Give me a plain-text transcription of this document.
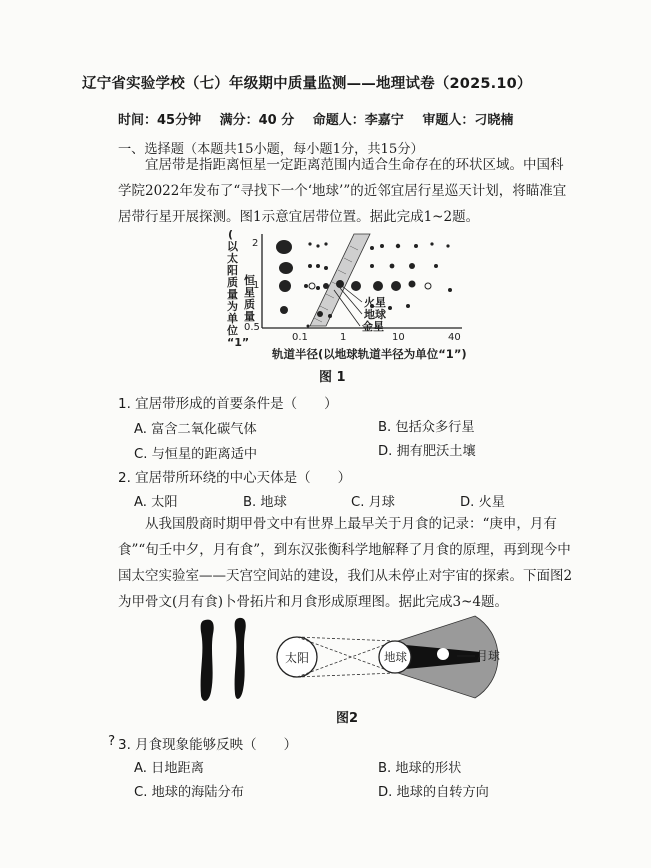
辽宁省实验学校（七）年级期中质量监测——地理试卷（2025.10）
时间：45分钟 满分：40 分 命题人：李嘉宁 审题人：刁晓楠
一、选择题（本题共15小题，每小题1分，共15分）
宜居带是指距离恒星一定距离范围内适合生命存在的环状区域。中国科学院2022年发布了“寻找下一个‘地球’”的近邻宜居行星巡天计划，将瞄准宜居带行星开展探测。图1示意宜居带位置。据此完成1~2题。
(以太 阳质量 为单位 “1”
恒星质量
2
1
0.5
0.1	1	10	40
火星
地球
金星
轨道半径(以地球轨道半径为单位“1”)
图 1
1. 宜居带形成的首要条件是（　　）
A. 富含二氧化碳气体	B. 包括众多行星
C. 与恒星的距离适中	D. 拥有肥沃土壤
2. 宜居带所环绕的中心天体是（　　）
A. 太阳	B. 地球	C. 月球	D. 火星
从我国殷商时期甲骨文中有世界上最早关于月食的记录：“庚申，月有食”“旬壬中夕，月有食”，到东汉张衡科学地解释了月食的原理，再到现今中国太空实验室——天宫空间站的建设，我们从未停止对宇宙的探索。下面图2为甲骨文(月有食)卜骨拓片和月食形成原理图。据此完成3~4题。
太阳	地球	月球
图2
? 3. 月食现象能够反映（　　）
A. 日地距离	B. 地球的形状
C. 地球的海陆分布	D. 地球的自转方向
